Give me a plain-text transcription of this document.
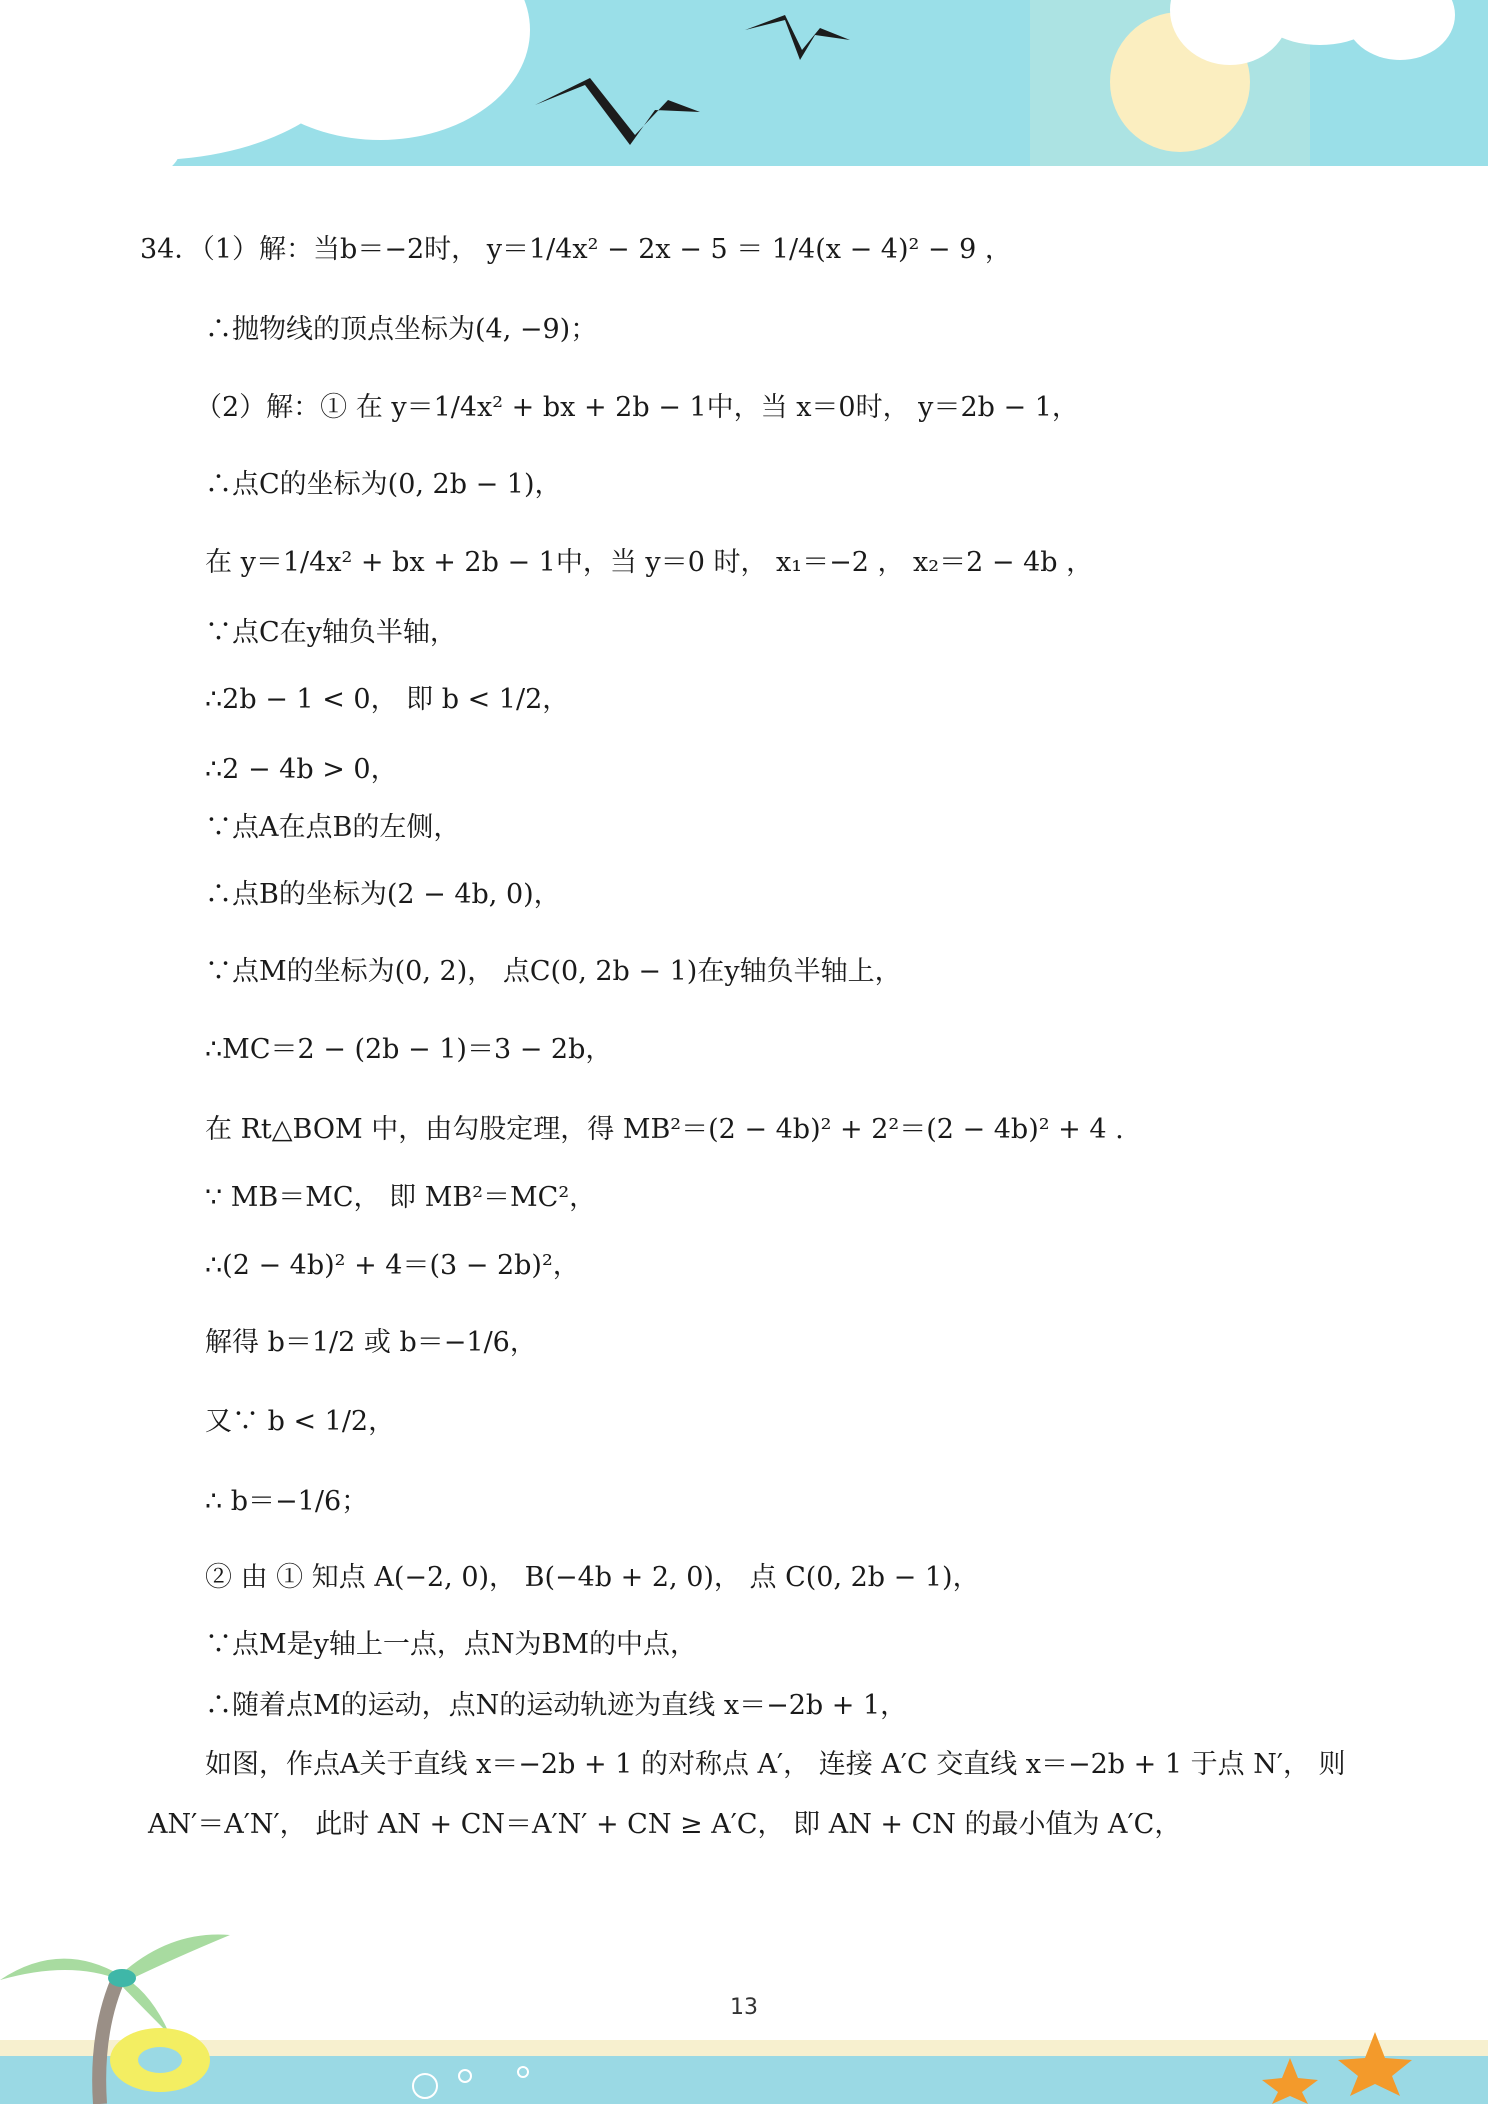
34．（1）解：当b＝−2时， y＝1/4x² − 2x − 5 ＝ 1/4(x − 4)² − 9 ，
∴抛物线的顶点坐标为(4, −9)；
（2）解：① 在 y＝1/4x² + bx + 2b − 1中，当 x＝0时， y＝2b − 1，
∴点C的坐标为(0, 2b − 1)，
在 y＝1/4x² + bx + 2b − 1中，当 y＝0 时， x₁＝−2 ， x₂＝2 − 4b ，
∵点C在y轴负半轴，
∴2b − 1 < 0， 即 b < 1/2，
∴2 − 4b > 0，
∵点A在点B的左侧，
∴点B的坐标为(2 − 4b, 0)，
∵点M的坐标为(0, 2)， 点C(0, 2b − 1)在y轴负半轴上，
∴MC＝2 − (2b − 1)＝3 − 2b，
在 Rt△BOM 中，由勾股定理，得 MB²＝(2 − 4b)² + 2²＝(2 − 4b)² + 4 .
∵ MB＝MC， 即 MB²＝MC²，
∴(2 − 4b)² + 4＝(3 − 2b)²，
解得 b＝1/2 或 b＝−1/6，
又∵ b < 1/2，
∴ b＝−1/6；
② 由 ① 知点 A(−2, 0)， B(−4b + 2, 0)， 点 C(0, 2b − 1)，
∵点M是y轴上一点，点N为BM的中点，
∴随着点M的运动，点N的运动轨迹为直线 x＝−2b + 1，
如图，作点A关于直线 x＝−2b + 1 的对称点 A′， 连接 A′C 交直线 x＝−2b + 1 于点 N′， 则
AN′＝A′N′， 此时 AN + CN＝A′N′ + CN ≥ A′C， 即 AN + CN 的最小值为 A′C，
13
